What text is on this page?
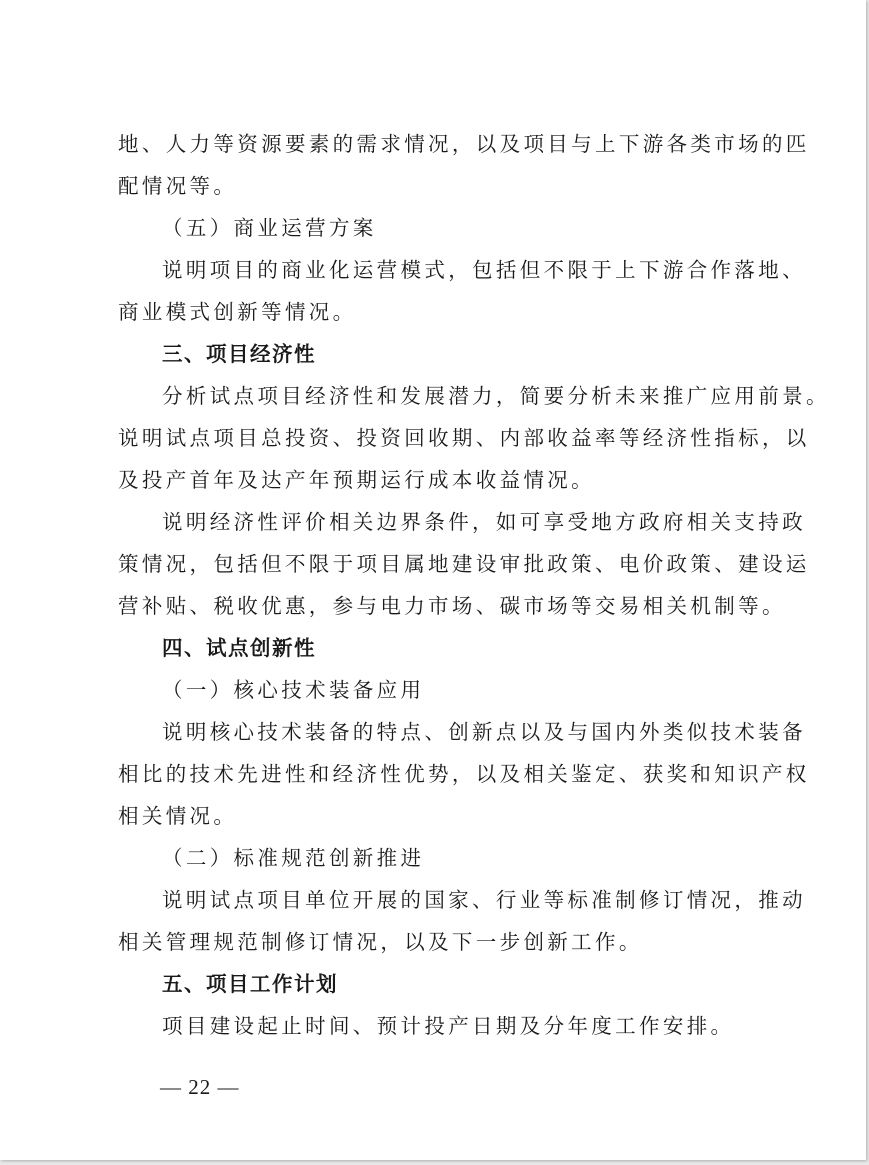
地、人力等资源要素的需求情况，以及项目与上下游各类市场的匹

配情况等。

（五）商业运营方案

说明项目的商业化运营模式，包括但不限于上下游合作落地、

商业模式创新等情况。

三、项目经济性

分析试点项目经济性和发展潜力，简要分析未来推广应用前景。

说明试点项目总投资、投资回收期、内部收益率等经济性指标，以

及投产首年及达产年预期运行成本收益情况。

说明经济性评价相关边界条件，如可享受地方政府相关支持政

策情况，包括但不限于项目属地建设审批政策、电价政策、建设运

营补贴、税收优惠，参与电力市场、碳市场等交易相关机制等。

四、试点创新性

（一）核心技术装备应用

说明核心技术装备的特点、创新点以及与国内外类似技术装备

相比的技术先进性和经济性优势，以及相关鉴定、获奖和知识产权

相关情况。

（二）标准规范创新推进

说明试点项目单位开展的国家、行业等标准制修订情况，推动

相关管理规范制修订情况，以及下一步创新工作。

五、项目工作计划

项目建设起止时间、预计投产日期及分年度工作安排。

— 22 —
